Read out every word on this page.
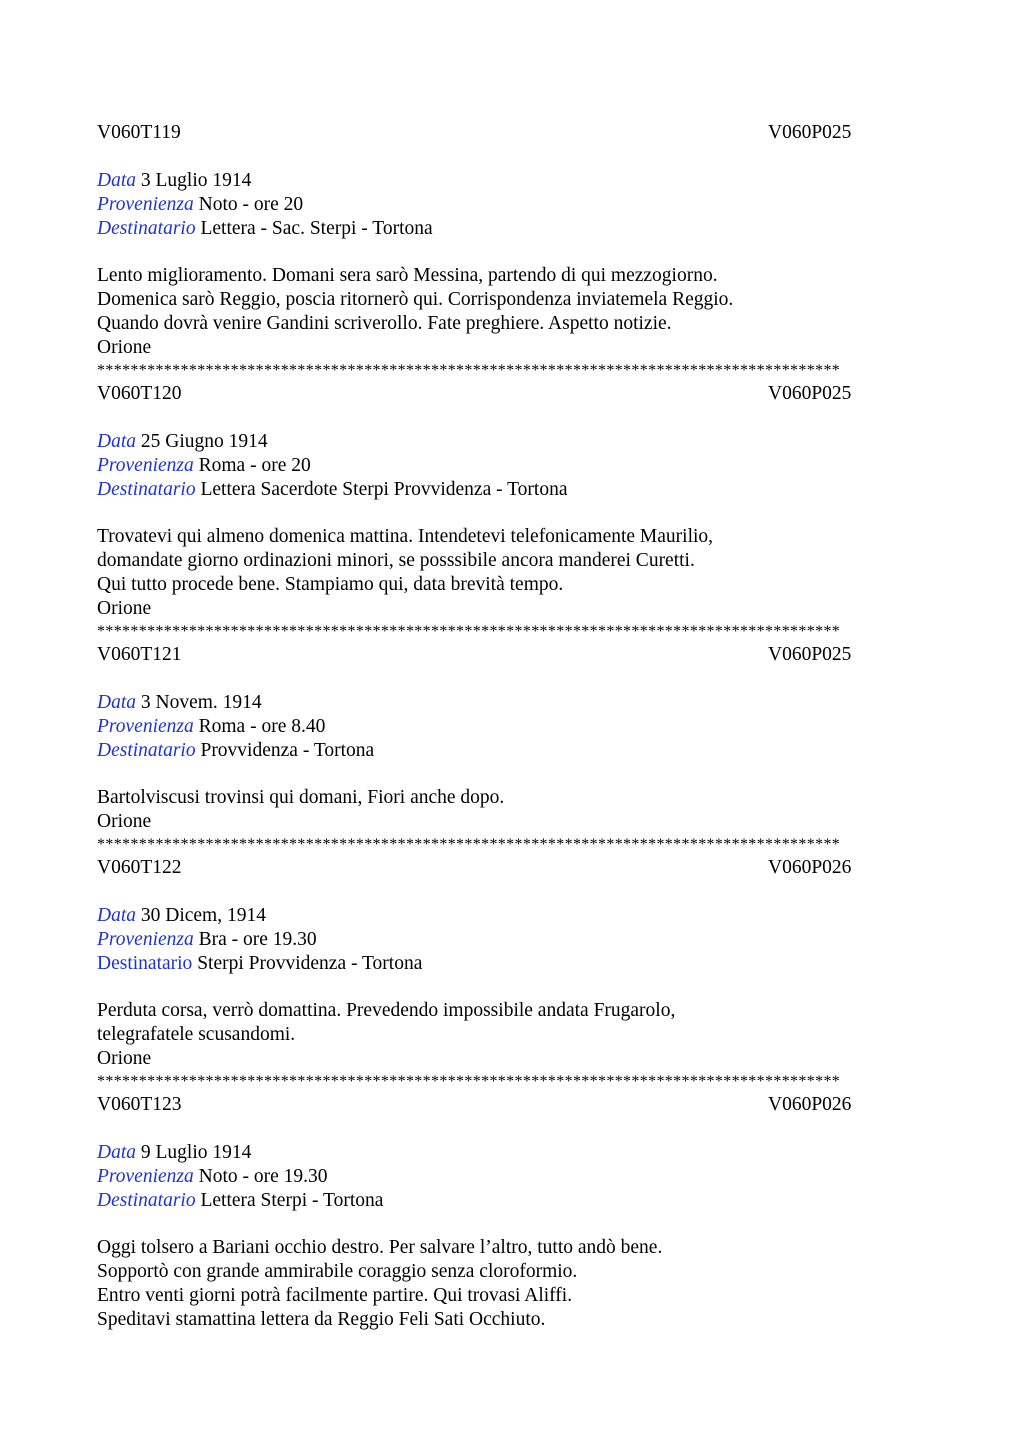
V060T119	V060P025
Data 3 Luglio 1914
Provenienza Noto - ore 20
Destinatario Lettera - Sac. Sterpi - Tortona
Lento miglioramento. Domani sera sarò Messina, partendo di qui mezzogiorno.
Domenica sarò Reggio, poscia ritornerò qui. Corrispondenza inviatemela Reggio.
Quando dovrà venire Gandini scriverollo. Fate preghiere. Aspetto notizie.
Orione
*****************************************************************************************
V060T120	V060P025
Data 25 Giugno 1914
Provenienza Roma - ore 20
Destinatario Lettera Sacerdote Sterpi Provvidenza - Tortona
Trovatevi qui almeno domenica mattina. Intendetevi telefonicamente Maurilio,
domandate giorno ordinazioni minori, se posssibile ancora manderei Curetti.
Qui tutto procede bene. Stampiamo qui, data brevità tempo.
Orione
*****************************************************************************************
V060T121	V060P025
Data 3 Novem. 1914
Provenienza Roma - ore 8.40
Destinatario Provvidenza - Tortona
Bartolviscusi trovinsi qui domani, Fiori anche dopo.
Orione
*****************************************************************************************
V060T122	V060P026
Data 30 Dicem, 1914
Provenienza Bra - ore 19.30
Destinatario Sterpi Provvidenza - Tortona
Perduta corsa, verrò domattina. Prevedendo impossibile andata Frugarolo,
telegrafatele scusandomi.
Orione
*****************************************************************************************
V060T123	V060P026
Data 9 Luglio 1914
Provenienza Noto - ore 19.30
Destinatario Lettera Sterpi - Tortona
Oggi tolsero a Bariani occhio destro. Per salvare l’altro, tutto andò bene.
Sopportò con grande ammirabile coraggio senza cloroformio.
Entro venti giorni potrà facilmente partire. Qui trovasi Aliffi.
Speditavi stamattina lettera da Reggio Feli Sati Occhiuto.
